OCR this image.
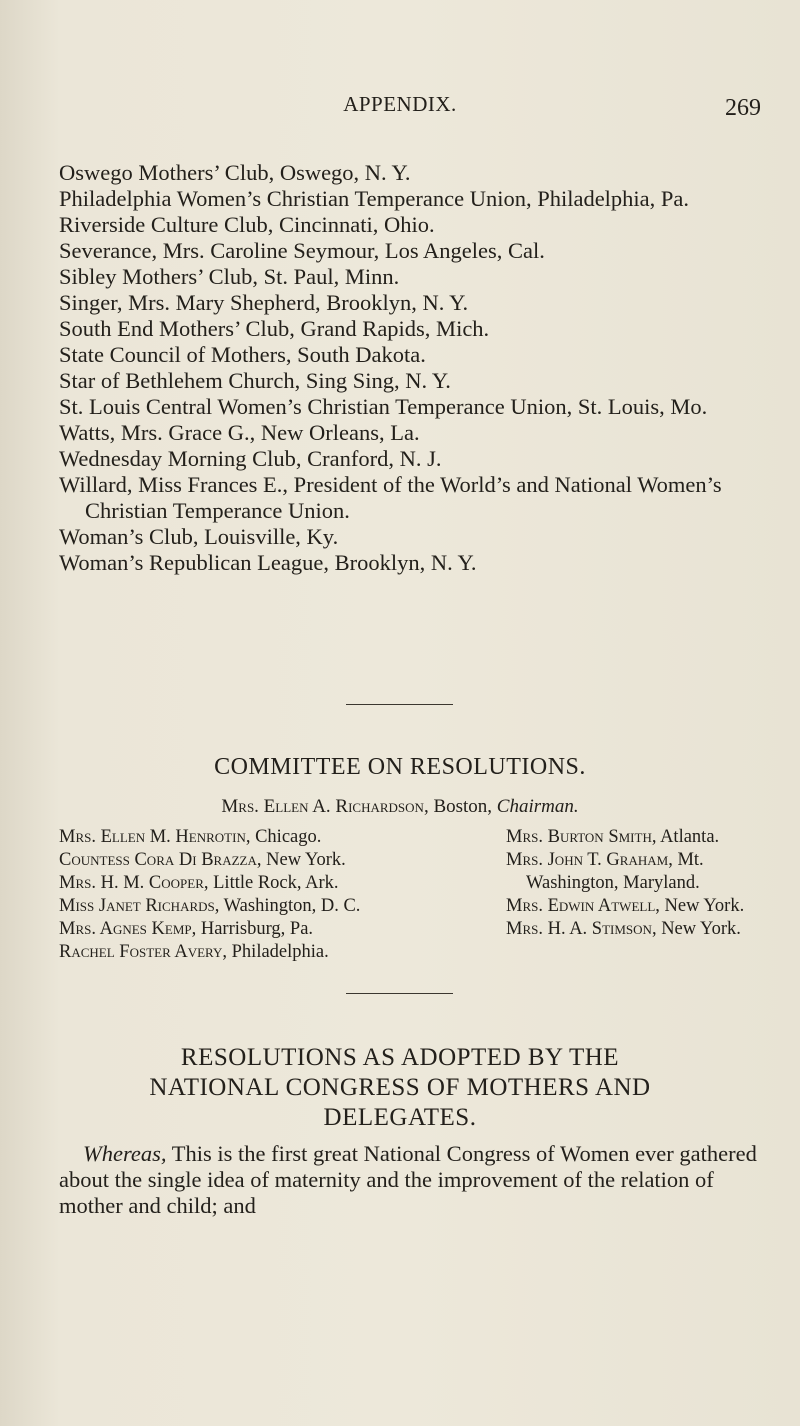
APPENDIX.	269

Oswego Mothers’ Club, Oswego, N. Y.

Philadelphia Women’s Christian Temperance Union, Philadelphia, Pa.

Riverside Culture Club, Cincinnati, Ohio.

Severance, Mrs. Caroline Seymour, Los Angeles, Cal.

Sibley Mothers’ Club, St. Paul, Minn.

Singer, Mrs. Mary Shepherd, Brooklyn, N. Y.

South End Mothers’ Club, Grand Rapids, Mich.

State Council of Mothers, South Dakota.

Star of Bethlehem Church, Sing Sing, N. Y.

St. Louis Central Women’s Christian Temperance Union, St. Louis, Mo.

Watts, Mrs. Grace G., New Orleans, La.

Wednesday Morning Club, Cranford, N. J.

Willard, Miss Frances E., President of the World’s and National Women’s Christian Temperance Union.

Woman’s Club, Louisville, Ky.

Woman’s Republican League, Brooklyn, N. Y.

COMMITTEE ON RESOLUTIONS.
Mrs. Ellen A. Richardson, Boston, Chairman.

Mrs. Ellen M. Henrotin, Chicago.

Countess Cora Di Brazza, New York.

Mrs. H. M. Cooper, Little Rock, Ark.

Miss Janet Richards, Washington, D. C.

Mrs. Agnes Kemp, Harrisburg, Pa.

Rachel Foster Avery, Philadelphia.

Mrs. Burton Smith, Atlanta.

Mrs. John T. Graham, Mt. Washington, Maryland.

Mrs. Edwin Atwell, New York.

Mrs. H. A. Stimson, New York.

RESOLUTIONS AS ADOPTED BY THE NATIONAL CONGRESS OF MOTHERS AND DELEGATES.

Whereas, This is the first great National Congress of Women ever gathered about the single idea of maternity and the improvement of the relation of mother and child; and
